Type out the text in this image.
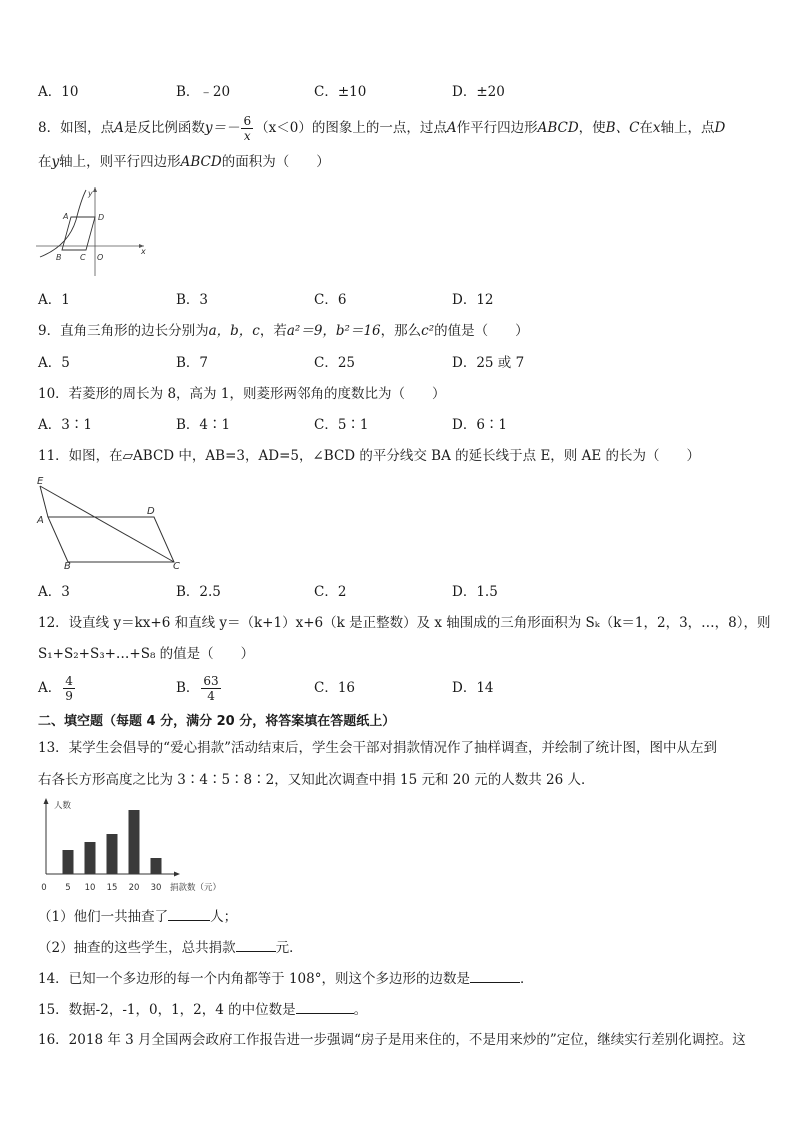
A．10	B．﹣20	C．±10	D．±20
8．如图，点A是反比例函数$y=- \frac{6}{x} (x<0)$的图象上的一点，过点A作平行四边形ABCD，使B、C在x轴上，点D
在y轴上，则平行四边形ABCD的面积为（　　）
y
x
A	D
B C O
A．1	B．3	C．6	D．12
9．直角三角形的边长分别为a，b，c，若a²＝9，b²＝16，那么c²的值是（　　）
A．5	B．7	C．25	D．25 或 7
10．若菱形的周长为 8，高为 1，则菱形两邻角的度数比为（　　）
A．3∶1	B．4∶1	C．5∶1	D．6∶1
11．如图，在▱ABCD 中，AB=3，AD=5，∠BCD 的平分线交 BA 的延长线于点 E，则 AE 的长为（　　）
E
A
D
B	C
A．3	B．2.5	C．2	D．1.5
12．设直线 y＝kx+6 和直线 y＝（k+1）x+6（k 是正整数）及 x 轴围成的三角形面积为 Sₖ（k＝1，2，3，…，8），则
S₁+S₂+S₃+…+S₈ 的值是（　　）
A． $\frac{4}{9}$	B． $\frac{63}{4}$	C．16	D．14
二、填空题（每题 4 分，满分 20 分，将答案填在答题纸上）
13．某学生会倡导的“爱心捐款”活动结束后，学生会干部对捐款情况作了抽样调查，并绘制了统计图，图中从左到
右各长方形高度之比为 3∶4∶5∶8∶2，又知此次调查中捐 15 元和 20 元的人数共 26 人．
人数
捐款数（元）
0 5 10 15 20 30
（1）他们一共抽查了	人；
（2）抽查的这些学生，总共捐款	元．
14．已知一个多边形的每一个内角都等于 108°，则这个多边形的边数是	．
15．数据-2，-1，0，1，2，4 的中位数是	。
16．2018 年 3 月全国两会政府工作报告进一步强调“房子是用来住的，不是用来炒的”定位，继续实行差别化调控。这
